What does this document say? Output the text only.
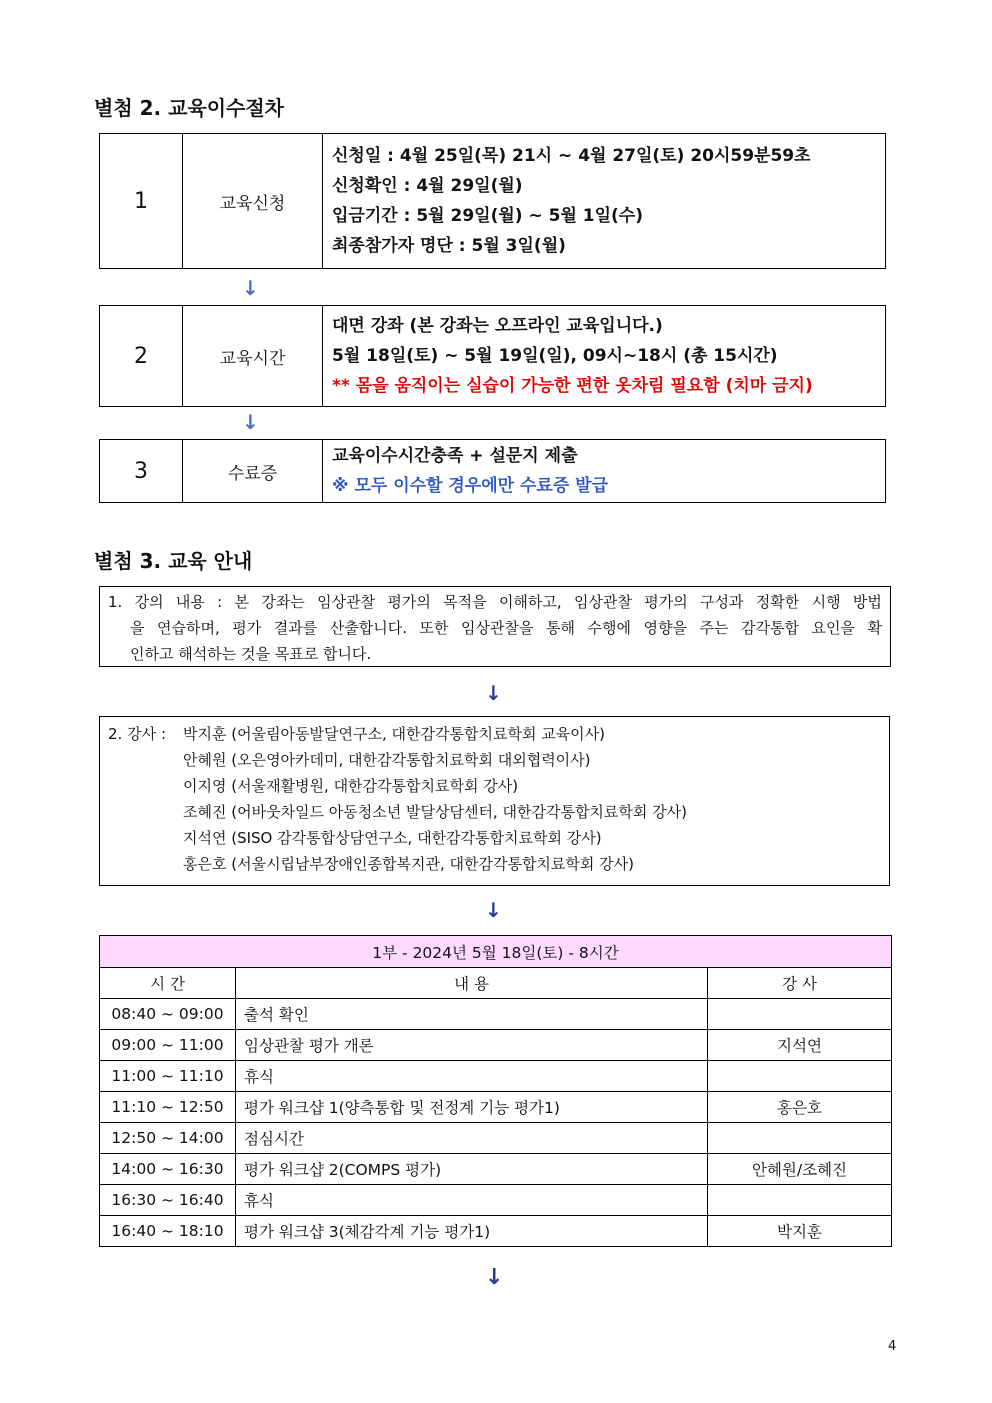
별첨 2. 교육이수절차
1	교육신청	
신청일 : 4월 25일(목) 21시 ~ 4월 27일(토) 20시59분59초
신청확인 : 4월 29일(월)
입금기간 : 5월 29일(월) ~ 5월 1일(수)
최종참가자 명단 : 5월 3일(월)
↓
2	교육시간	
대면 강좌 (본 강좌는 오프라인 교육입니다.)
5월 18일(토) ~ 5월 19일(일), 09시~18시 (총 15시간)
** 몸을 움직이는 실습이 가능한 편한 옷차림 필요함 (치마 금지)
↓
3	수료증	
교육이수시간충족 + 설문지 제출
※ 모두 이수할 경우에만 수료증 발급
별첨 3. 교육 안내
1. 강의 내용 : 본 강좌는 임상관찰 평가의 목적을 이해하고, 임상관찰 평가의 구성과 정확한 시행 방법
을 연습하며, 평가 결과를 산출합니다. 또한 임상관찰을 통해 수행에 영향을 주는 감각통합 요인을 확
인하고 해석하는 것을 목표로 합니다.
↓
2. 강사 :	박지훈 (어울림아동발달연구소, 대한감각통합치료학회 교육이사)
안혜원 (오은영아카데미, 대한감각통합치료학회 대외협력이사)
이지영 (서울재활병원, 대한감각통합치료학회 강사)
조혜진 (어바웃차일드 아동청소년 발달상담센터, 대한감각통합치료학회 강사)
지석연 (SISO 감각통합상담연구소, 대한감각통합치료학회 강사)
홍은호 (서울시립남부장애인종합복지관, 대한감각통합치료학회 강사)
↓
1부 - 2024년 5월 18일(토) - 8시간		
시 간	내 용	강 사
08:40 ~ 09:00	출석 확인	
09:00 ~ 11:00	임상관찰 평가 개론	지석연
11:00 ~ 11:10	휴식	
11:10 ~ 12:50	평가 워크샵 1(양측통합 및 전정계 기능 평가1)	홍은호
12:50 ~ 14:00	점심시간	
14:00 ~ 16:30	평가 워크샵 2(COMPS 평가)	안혜원/조혜진
16:30 ~ 16:40	휴식	
16:40 ~ 18:10	평가 워크샵 3(체감각계 기능 평가1)	박지훈
↓
4
